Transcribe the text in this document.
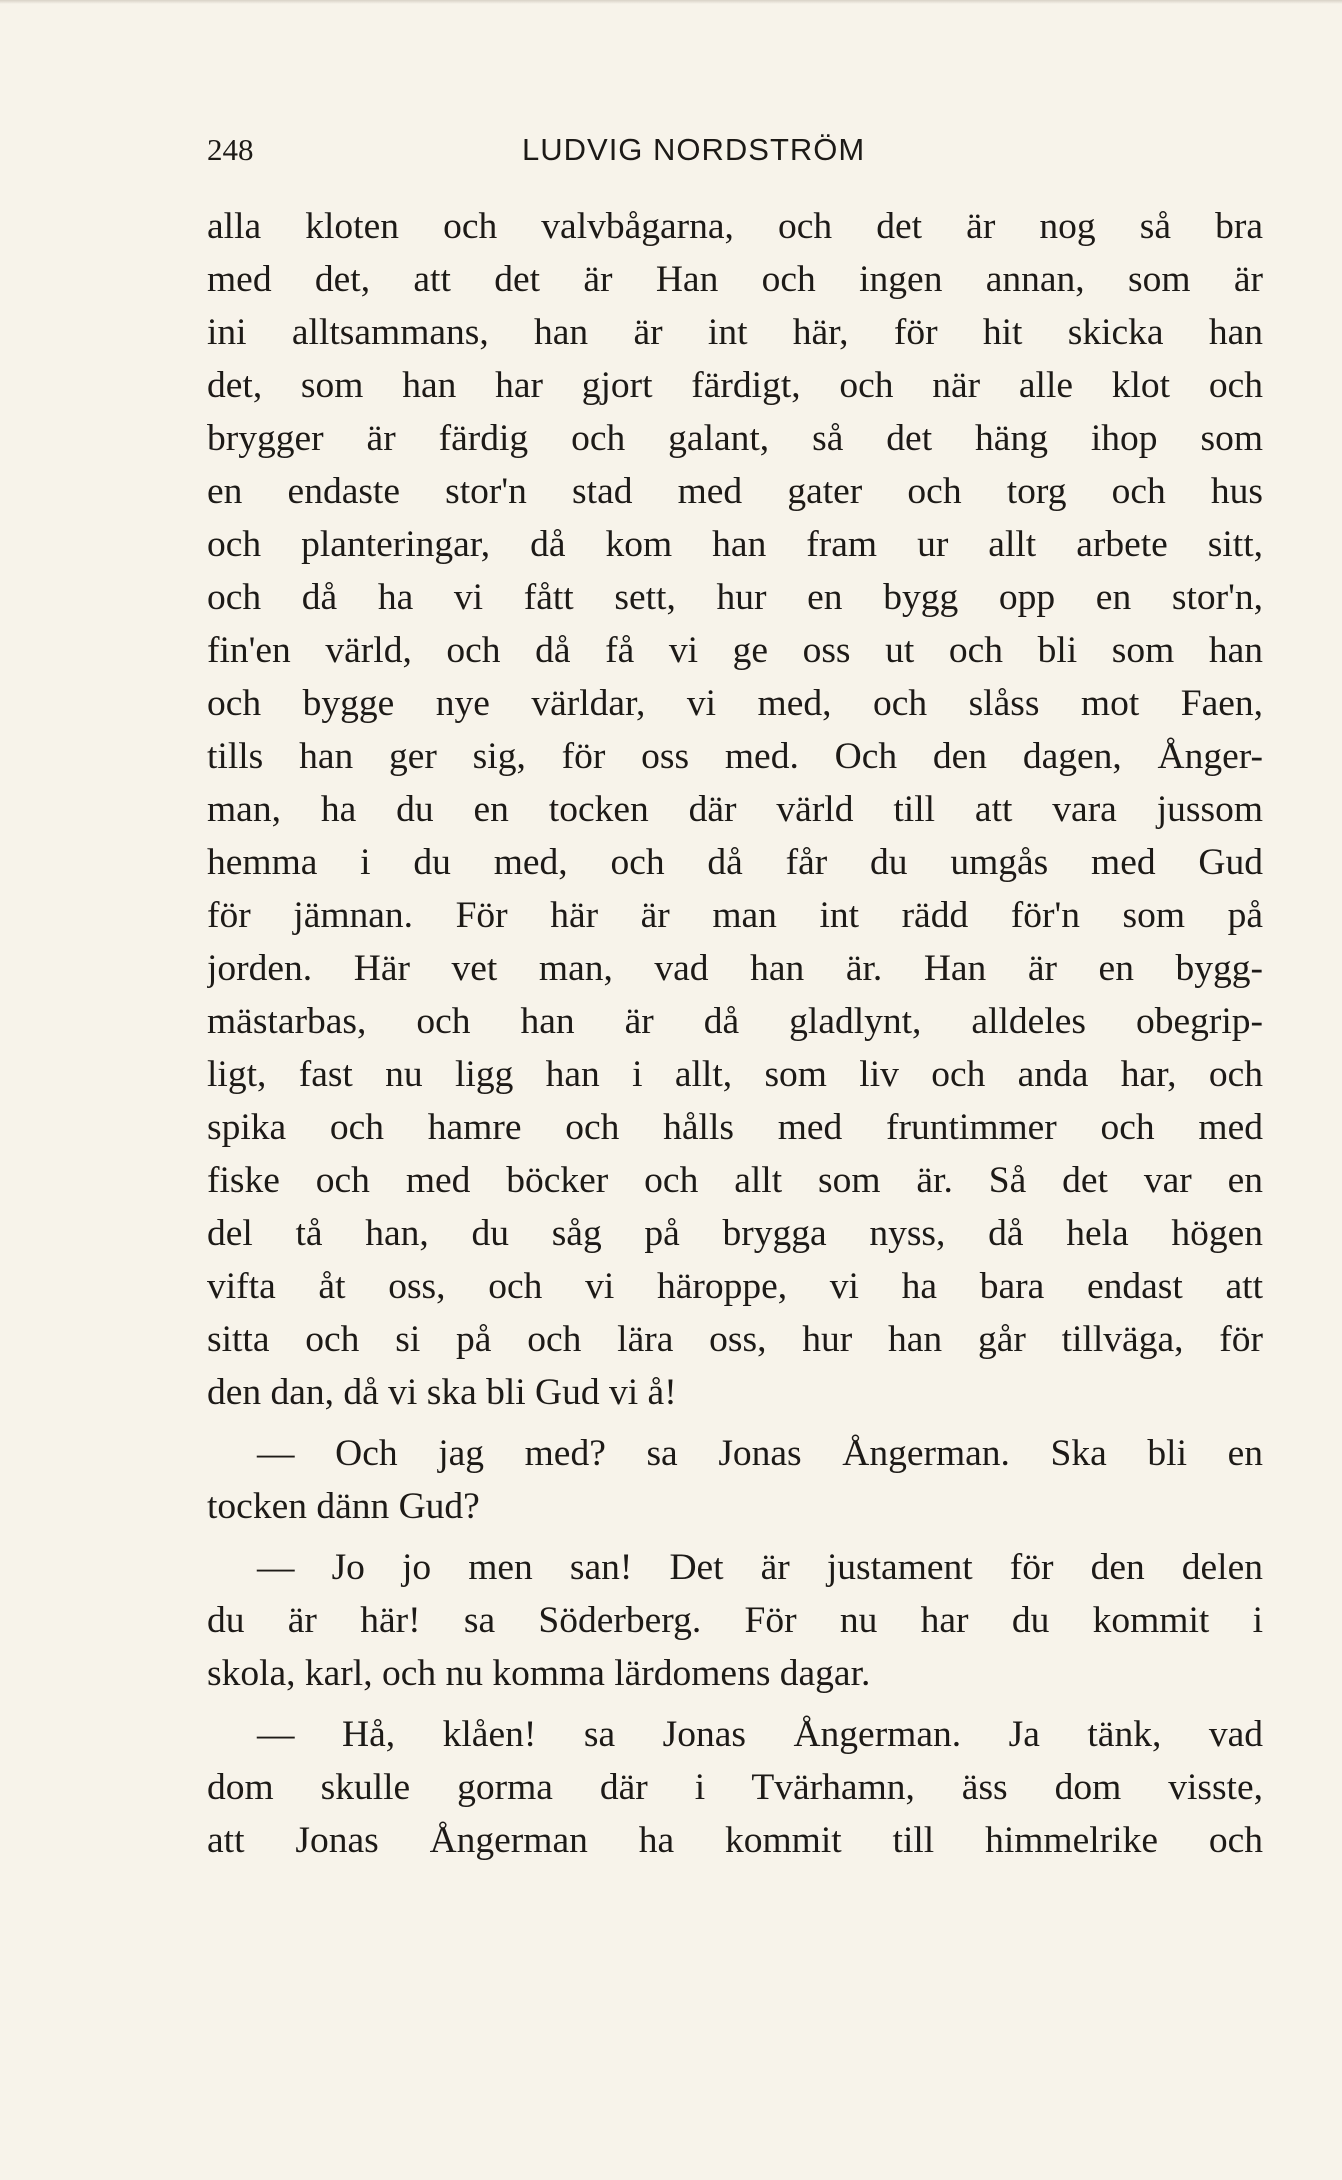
248	LUDVIG NORDSTRÖM
alla kloten och valvbågarna, och det är nog så bra
med det, att det är Han och ingen annan, som är
ini alltsammans, han är int här, för hit skicka han
det, som han har gjort färdigt, och när alle klot och
brygger är färdig och galant, så det häng ihop som
en endaste stor'n stad med gater och torg och hus
och planteringar, då kom han fram ur allt arbete sitt,
och då ha vi fått sett, hur en bygg opp en stor'n,
fin'en värld, och då få vi ge oss ut och bli som han
och bygge nye världar, vi med, och slåss mot Faen,
tills han ger sig, för oss med. Och den dagen, Ånger-
man, ha du en tocken där värld till att vara jussom
hemma i du med, och då får du umgås med Gud
för jämnan. För här är man int rädd för'n som på
jorden. Här vet man, vad han är. Han är en bygg-
mästarbas, och han är då gladlynt, alldeles obegrip-
ligt, fast nu ligg han i allt, som liv och anda har, och
spika och hamre och hålls med fruntimmer och med
fiske och med böcker och allt som är. Så det var en
del tå han, du såg på brygga nyss, då hela högen
vifta åt oss, och vi häroppe, vi ha bara endast att
sitta och si på och lära oss, hur han går tillväga, för
den dan, då vi ska bli Gud vi å!
— Och jag med? sa Jonas Ångerman. Ska bli en
tocken dänn Gud?
— Jo jo men san! Det är justament för den delen
du är här! sa Söderberg. För nu har du kommit i
skola, karl, och nu komma lärdomens dagar.
— Hå, klåen! sa Jonas Ångerman. Ja tänk, vad
dom skulle gorma där i Tvärhamn, äss dom visste,
att Jonas Ångerman ha kommit till himmelrike och
